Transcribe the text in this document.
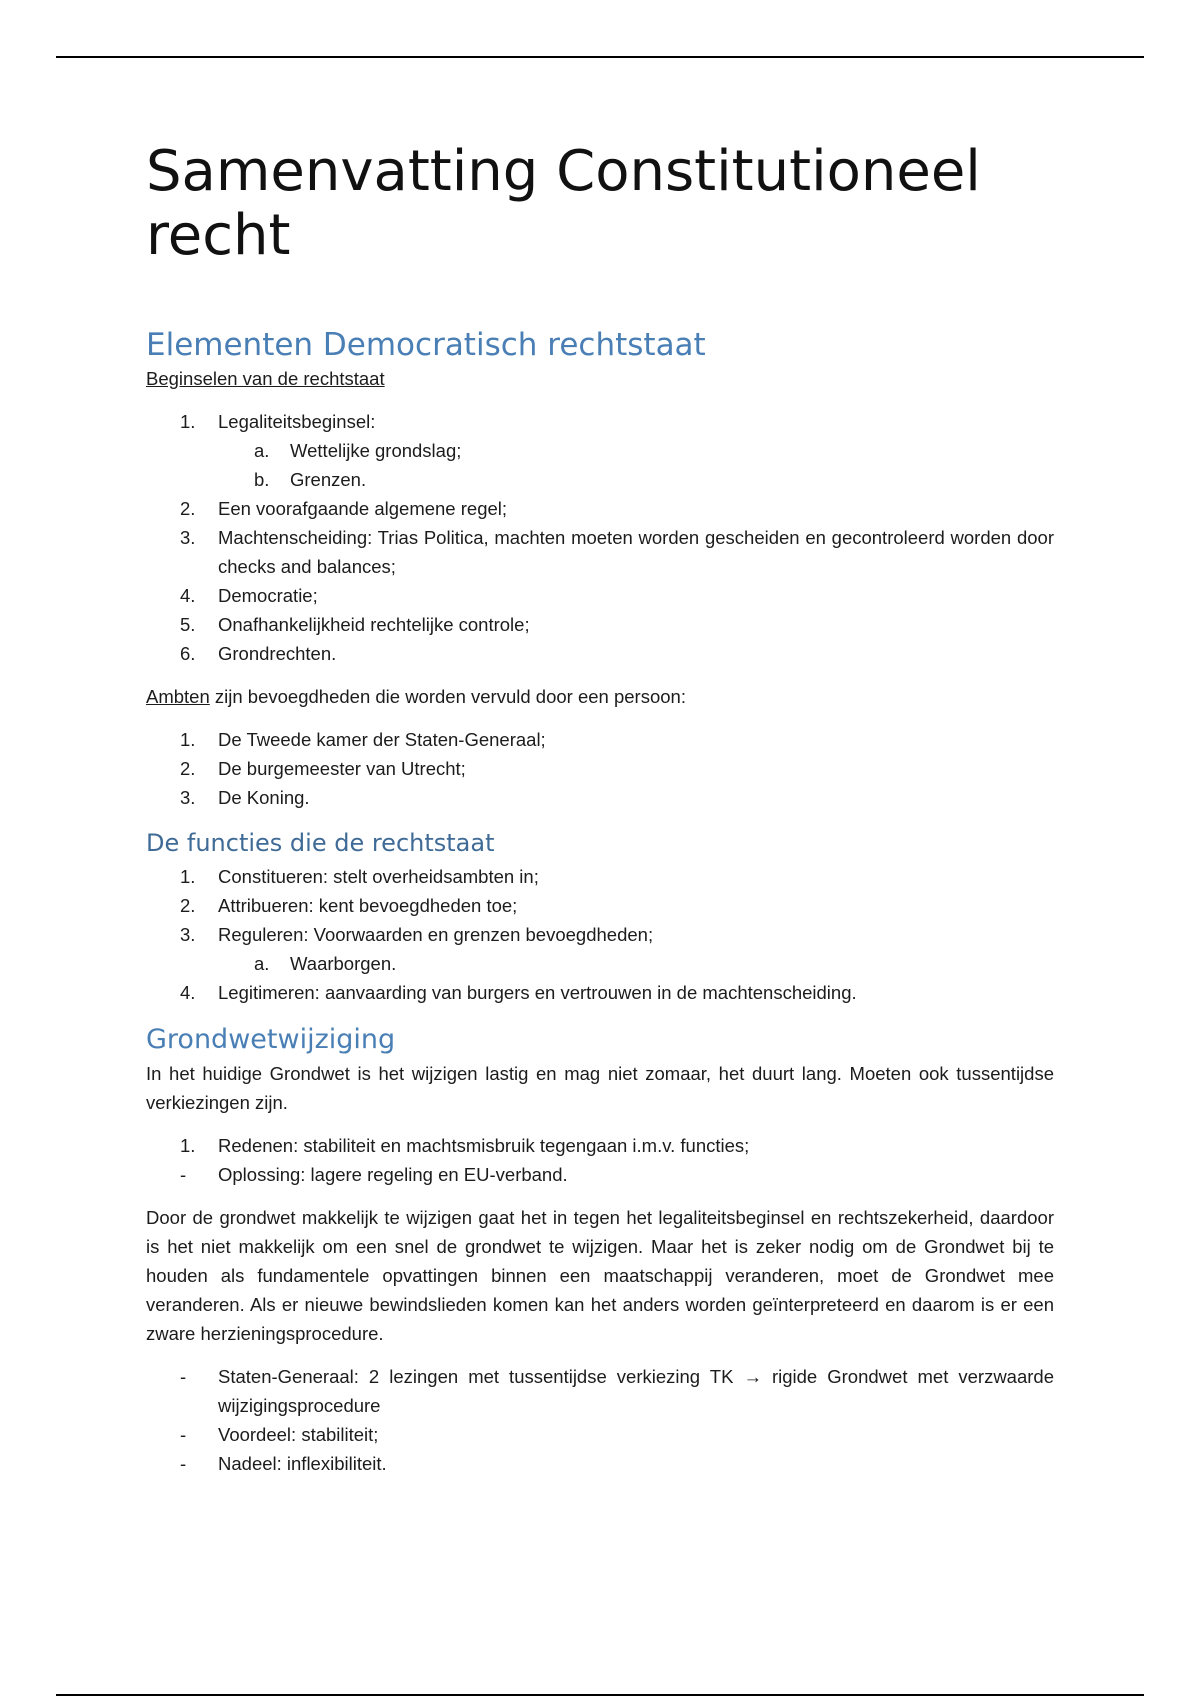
Samenvatting Constitutioneel recht
Elementen Democratisch rechtstaat

Beginselen van de rechtstaat

1.	Legaliteitsbeginsel:
a.	Wettelijke grondslag;
b.	Grenzen.
2.	Een voorafgaande algemene regel;
3.	Machtenscheiding: Trias Politica, machten moeten worden gescheiden en gecontroleerd worden door checks and balances;
4.	Democratie;
5.	Onafhankelijkheid rechtelijke controle;
6.	Grondrechten.

Ambten zijn bevoegdheden die worden vervuld door een persoon:

1.	De Tweede kamer der Staten-Generaal;
2.	De burgemeester van Utrecht;
3.	De Koning.
De functies die de rechtstaat
1.	Constitueren: stelt overheidsambten in;
2.	Attribueren: kent bevoegdheden toe;
3.	Reguleren: Voorwaarden en grenzen bevoegdheden;
a.	Waarborgen.
4.	Legitimeren: aanvaarding van burgers en vertrouwen in de machtenscheiding.
Grondwetwijziging

In het huidige Grondwet is het wijzigen lastig en mag niet zomaar, het duurt lang. Moeten ook tussentijdse verkiezingen zijn.

1.	Redenen: stabiliteit en machtsmisbruik tegengaan i.m.v. functies;
-	Oplossing: lagere regeling en EU-verband.

Door de grondwet makkelijk te wijzigen gaat het in tegen het legaliteitsbeginsel en rechtszekerheid, daardoor is het niet makkelijk om een snel de grondwet te wijzigen. Maar het is zeker nodig om de Grondwet bij te houden als fundamentele opvattingen binnen een maatschappij veranderen, moet de Grondwet mee veranderen. Als er nieuwe bewindslieden komen kan het anders worden geïnterpreteerd en daarom is er een zware herzieningsprocedure.

-	Staten-Generaal: 2 lezingen met tussentijdse verkiezing TK → rigide Grondwet met verzwaarde wijzigingsprocedure
-	Voordeel: stabiliteit;
-	Nadeel: inflexibiliteit.
